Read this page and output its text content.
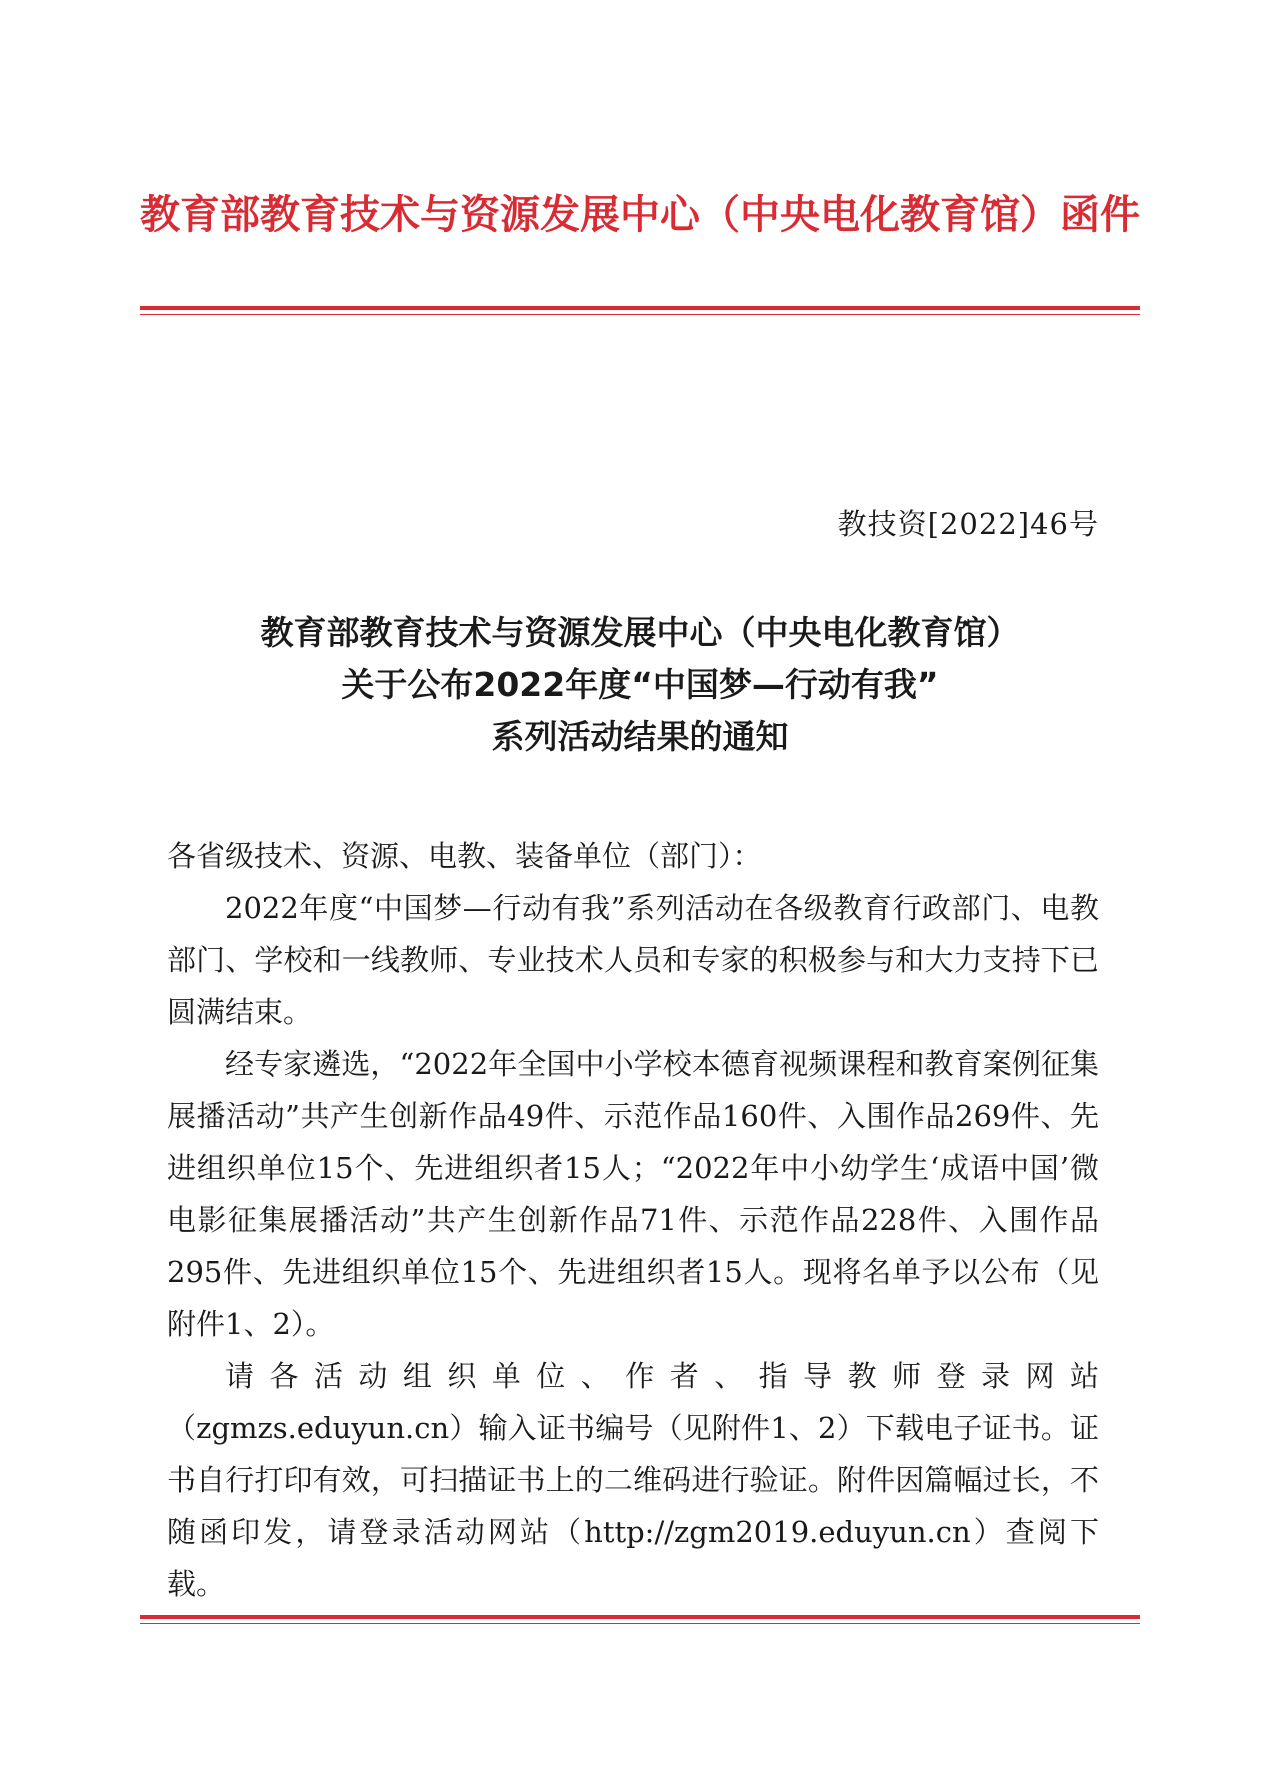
教育部教育技术与资源发展中心（中央电化教育馆）函件
教技资[2022]46号
教育部教育技术与资源发展中心（中央电化教育馆）
关于公布2022年度“中国梦—行动有我”
系列活动结果的通知

各省级技术、资源、电教、装备单位（部门）：

2022年度“中国梦—行动有我”系列活动在各级教育行政部门、电教部门、学校和一线教师、专业技术人员和专家的积极参与和大力支持下已圆满结束。

经专家遴选，“2022年全国中小学校本德育视频课程和教育案例征集展播活动”共产生创新作品49件、示范作品160件、入围作品269件、先进组织单位15个、先进组织者15人；“2022年中小幼学生‘成语中国’微电影征集展播活动”共产生创新作品71件、示范作品228件、入围作品295件、先进组织单位15个、先进组织者15人。现将名单予以公布（见附件1、2）。

请各活动组织单位、作者、指导教师登录网站（zgmzs.eduyun.cn）输入证书编号（见附件1、2）下载电子证书。证书自行打印有效，可扫描证书上的二维码进行验证。附件因篇幅过长，不随函印发，请登录活动网站（http://zgm2019.eduyun.cn）查阅下载。
